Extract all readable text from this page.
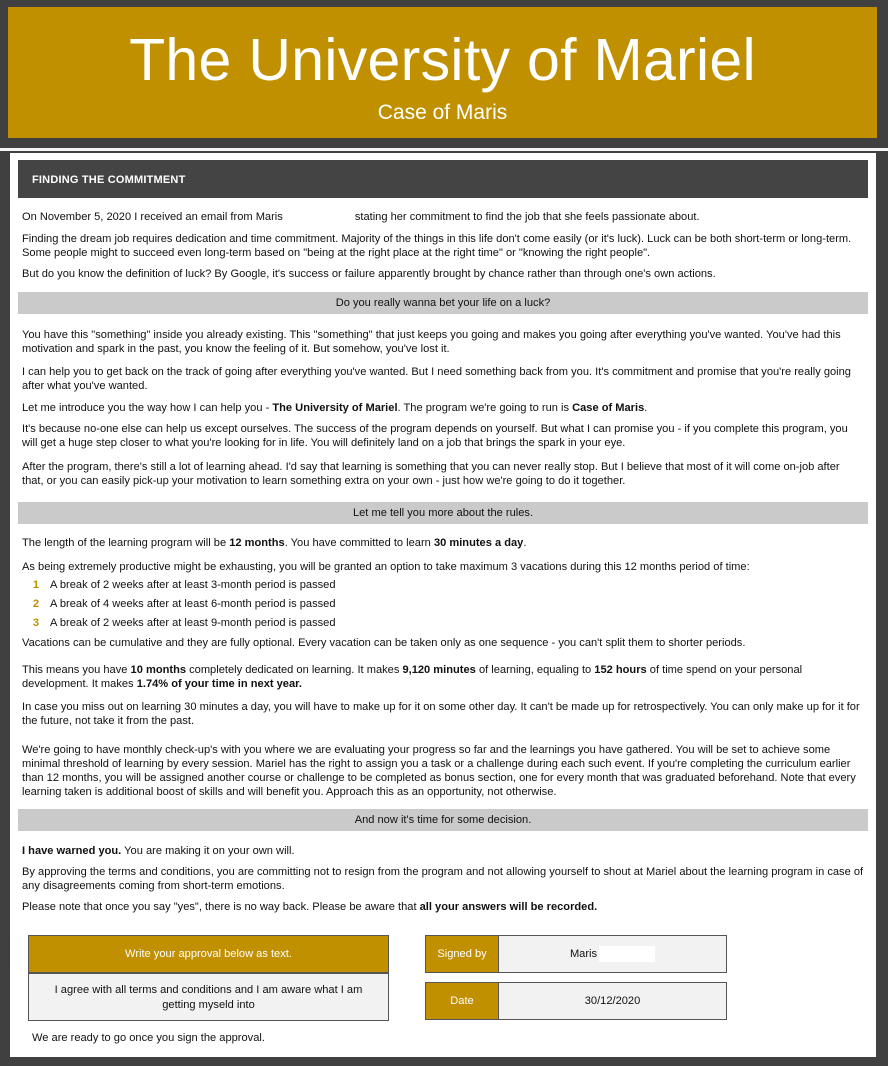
The University of Mariel
Case of Maris
FINDING THE COMMITMENT
On November 5, 2020 I received an email from Maris	stating her commitment to find the job that she feels passionate about.
Finding the dream job requires dedication and time commitment. Majority of the things in this life don't come easily (or it's luck). Luck can be both short-term or long-term. Some people might to succeed even long-term based on "being at the right place at the right time" or "knowing the right people".
But do you know the definition of luck? By Google, it's success or failure apparently brought by chance rather than through one's own actions.
Do you really wanna bet your life on a luck?
You have this "something" inside you already existing. This "something" that just keeps you going and makes you going after everything you've wanted. You've had this motivation and spark in the past, you know the feeling of it. But somehow, you've lost it.
I can help you to get back on the track of going after everything you've wanted. But I need something back from you. It's commitment and promise that you're really going after what you've wanted.
Let me introduce you the way how I can help you - The University of Mariel. The program we're going to run is Case of Maris.
It's because no-one else can help us except ourselves. The success of the program depends on yourself. But what I can promise you - if you complete this program, you will get a huge step closer to what you're looking for in life. You will definitely land on a job that brings the spark in your eye.
After the program, there's still a lot of learning ahead. I'd say that learning is something that you can never really stop. But I believe that most of it will come on-job after that, or you can easily pick-up your motivation to learn something extra on your own - just how we're going to do it together.
Let me tell you more about the rules.
The length of the learning program will be 12 months. You have committed to learn 30 minutes a day.
As being extremely productive might be exhausting, you will be granted an option to take maximum 3 vacations during this 12 months period of time:
1 A break of 2 weeks after at least 3-month period is passed
2 A break of 4 weeks after at least 6-month period is passed
3 A break of 2 weeks after at least 9-month period is passed
Vacations can be cumulative and they are fully optional. Every vacation can be taken only as one sequence - you can't split them to shorter periods.
This means you have 10 months completely dedicated on learning. It makes 9,120 minutes of learning, equaling to 152 hours of time spend on your personal development. It makes 1.74% of your time in next year.
In case you miss out on learning 30 minutes a day, you will have to make up for it on some other day. It can't be made up for retrospectively. You can only make up for it for the future, not take it from the past.
We're going to have monthly check-up's with you where we are evaluating your progress so far and the learnings you have gathered. You will be set to achieve some minimal threshold of learning by every session. Mariel has the right to assign you a task or a challenge during each such event. If you're completing the curriculum earlier than 12 months, you will be assigned another course or challenge to be completed as bonus section, one for every month that was graduated beforehand. Note that every learning taken is additional boost of skills and will benefit you. Approach this as an opportunity, not otherwise.
And now it's time for some decision.
I have warned you. You are making it on your own will.
By approving the terms and conditions, you are committing not to resign from the program and not allowing yourself to shout at Mariel about the learning program in case of any disagreements coming from short-term emotions.
Please note that once you say "yes", there is no way back. Please be aware that all your answers will be recorded.
Write your approval below as text.
I agree with all terms and conditions and I am aware what I am getting myseld into
Signed by	Maris
Date	30/12/2020
We are ready to go once you sign the approval.
